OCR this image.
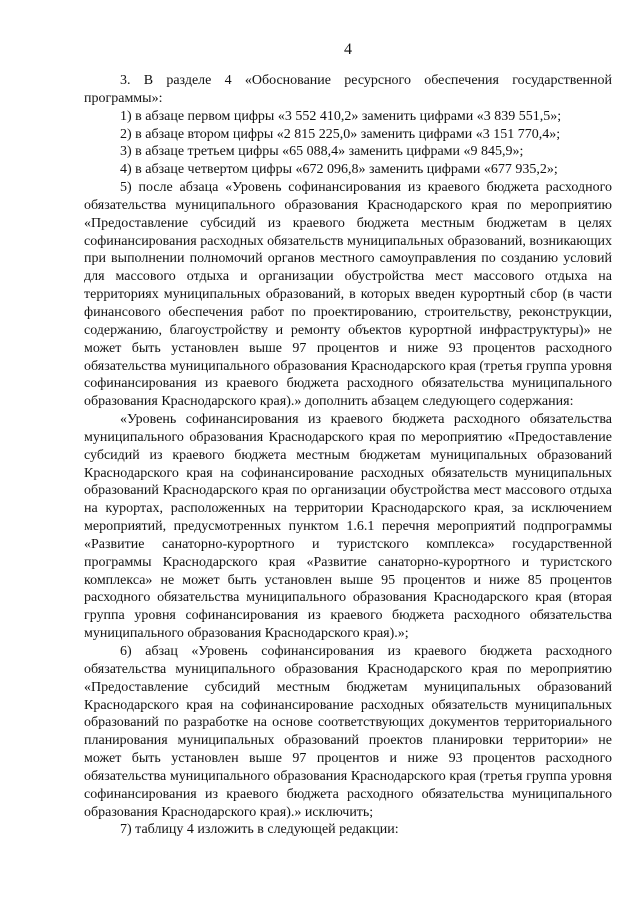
4

3. В разделе 4 «Обоснование ресурсного обеспечения государственной программы»:

1) в абзаце первом цифры «3 552 410,2» заменить цифрами «3 839 551,5»;

2) в абзаце втором цифры «2 815 225,0» заменить цифрами «3 151 770,4»;

3) в абзаце третьем цифры «65 088,4» заменить цифрами «9 845,9»;

4) в абзаце четвертом цифры «672 096,8» заменить цифрами «677 935,2»;

5) после абзаца «Уровень софинансирования из краевого бюджета расходного обязательства муниципального образования Краснодарского края по мероприятию «Предоставление субсидий из краевого бюджета местным бюджетам в целях софинансирования расходных обязательств муниципальных образований, возникающих при выполнении полномочий органов местного самоуправления по созданию условий для массового отдыха и организации обустройства мест массового отдыха на территориях муниципальных образований, в которых введен курортный сбор (в части финансового обеспечения работ по проектированию, строительству, реконструкции, содержанию, благоустройству и ремонту объектов курортной инфраструктуры)» не может быть установлен выше 97 процентов и ниже 93 процентов расходного обязательства муниципального образования Краснодарского края (третья группа уровня софинансирования из краевого бюджета расходного обязательства муниципального образования Краснодарского края).» дополнить абзацем следующего содержания:

«Уровень софинансирования из краевого бюджета расходного обязательства муниципального образования Краснодарского края по мероприятию «Предоставление субсидий из краевого бюджета местным бюджетам муниципальных образований Краснодарского края на софинансирование расходных обязательств муниципальных образований Краснодарского края по организации обустройства мест массового отдыха на курортах, расположенных на территории Краснодарского края, за исключением мероприятий, предусмотренных пунктом 1.6.1 перечня мероприятий подпрограммы «Развитие санаторно-курортного и туристского комплекса» государственной программы Краснодарского края «Развитие санаторно-курортного и туристского комплекса» не может быть установлен выше 95 процентов и ниже 85 процентов расходного обязательства муниципального образования Краснодарского края (вторая группа уровня софинансирования из краевого бюджета расходного обязательства муниципального образования Краснодарского края).»;

6) абзац «Уровень софинансирования из краевого бюджета расходного обязательства муниципального образования Краснодарского края по мероприятию «Предоставление субсидий местным бюджетам муниципальных образований Краснодарского края на софинансирование расходных обязательств муниципальных образований по разработке на основе соответствующих документов территориального планирования муниципальных образований проектов планировки территории» не может быть установлен выше 97 процентов и ниже 93 процентов расходного обязательства муниципального образования Краснодарского края (третья группа уровня софинансирования из краевого бюджета расходного обязательства муниципального образования Краснодарского края).» исключить;

7) таблицу 4 изложить в следующей редакции:
